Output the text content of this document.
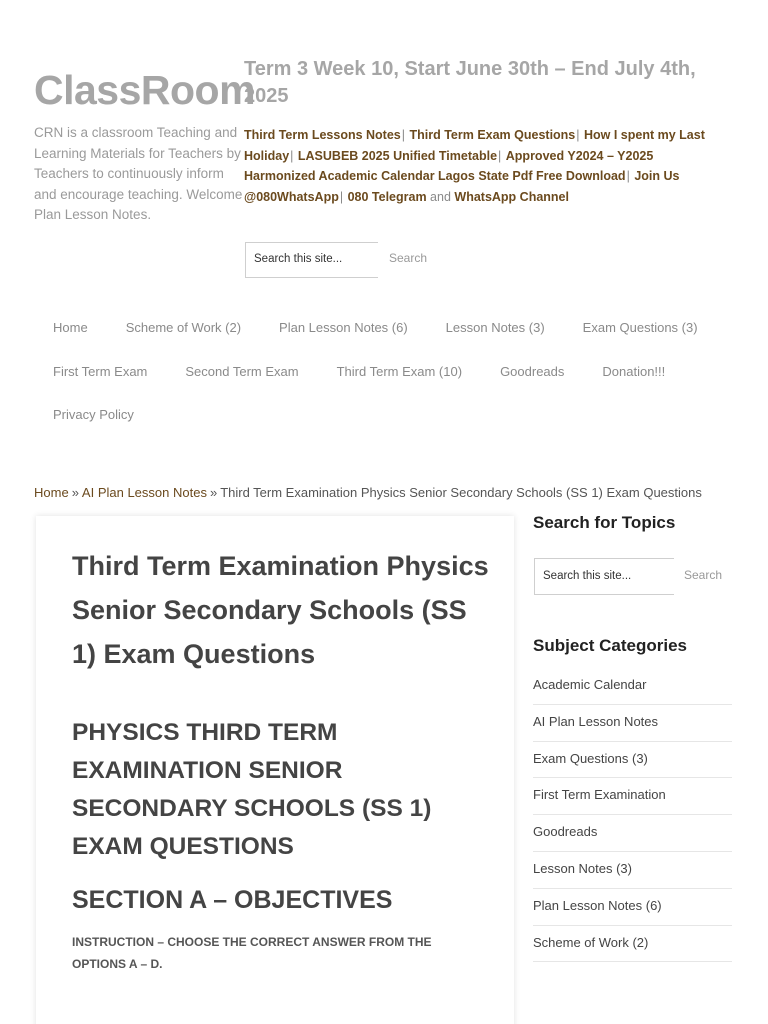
ClassRoom
CRN is a classroom Teaching and Learning Materials for Teachers by Teachers to continuously inform and encourage teaching. Welcome Plan Lesson Notes.
Term 3 Week 10, Start June 30th – End July 4th, 2025
Third Term Lessons Notes| Third Term Exam Questions| How I spent my Last Holiday| LASUBEB 2025 Unified Timetable| Approved Y2024 – Y2025 Harmonized Academic Calendar Lagos State Pdf Free Download| Join Us @080WhatsApp| 080 Telegram and WhatsApp Channel
Search this site...	Search
Home	Scheme of Work (2)	Plan Lesson Notes (6)	Lesson Notes (3)	Exam Questions (3)
First Term Exam	Second Term Exam	Third Term Exam (10)	Goodreads	Donation!!!
Privacy Policy
Home » AI Plan Lesson Notes » Third Term Examination Physics Senior Secondary Schools (SS 1) Exam Questions
Third Term Examination Physics Senior Secondary Schools (SS 1) Exam Questions
PHYSICS THIRD TERM EXAMINATION SENIOR SECONDARY SCHOOLS (SS 1) EXAM QUESTIONS
SECTION A – OBJECTIVES

INSTRUCTION – CHOOSE THE CORRECT ANSWER FROM THE OPTIONS A – D.

Search for Topics
Search this site...	Search
Subject Categories
Academic Calendar
AI Plan Lesson Notes
Exam Questions (3)
First Term Examination
Goodreads
Lesson Notes (3)
Plan Lesson Notes (6)
Scheme of Work (2)
